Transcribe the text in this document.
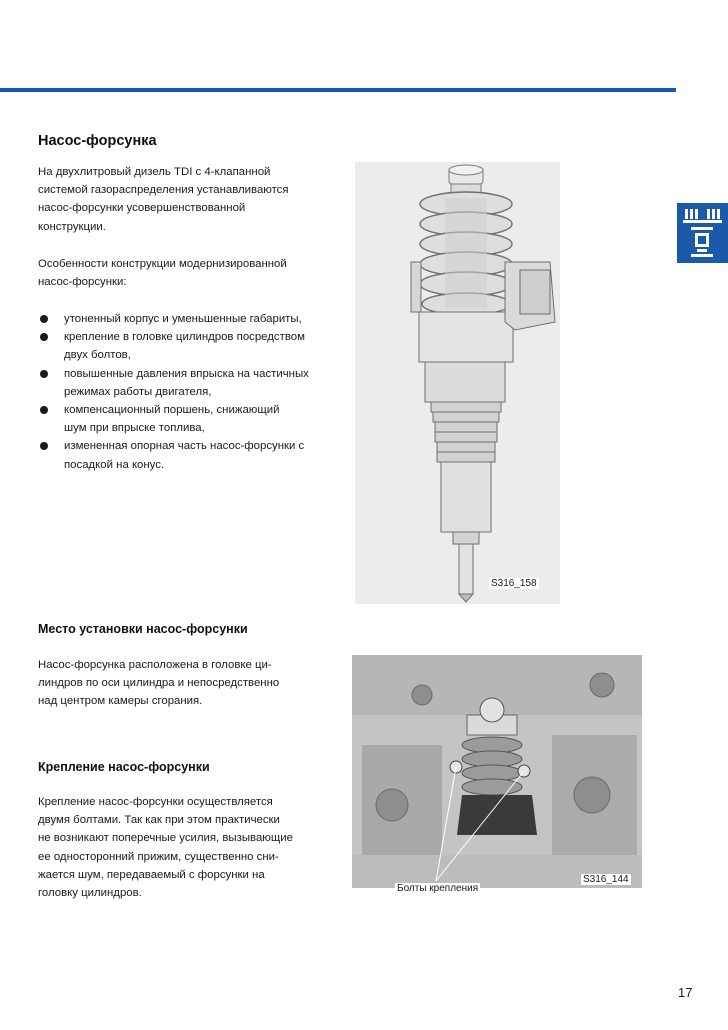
Насос-форсунка
На двухлитровый дизель TDI с 4-клапанной
системой газораспределения устанавливаются
насос-форсунки усовершенствованной
конструкции.
Особенности конструкции модернизированной
насос-форсунки:
утоненный корпус и уменьшенные габариты,
крепление в головке цилиндров посредством
двух болтов,
повышенные давления впрыска на частичных
режимах работы двигателя,
компенсационный поршень, снижающий
шум при впрыске топлива,
измененная опорная часть насос-форсунки с
посадкой на конус.
S316_158
Место установки насос-форсунки
Насос-форсунка расположена в головке ци-
линдров по оси цилиндра и непосредственно
над центром камеры сгорания.
Крепление насос-форсунки
Крепление насос-форсунки осуществляется
двумя болтами. Так как при этом практически
не возникают поперечные усилия, вызывающие
ее односторонний прижим, существенно сни-
жается шум, передаваемый с форсунки на
головку цилиндров.
S316_144
Болты крепления
17
